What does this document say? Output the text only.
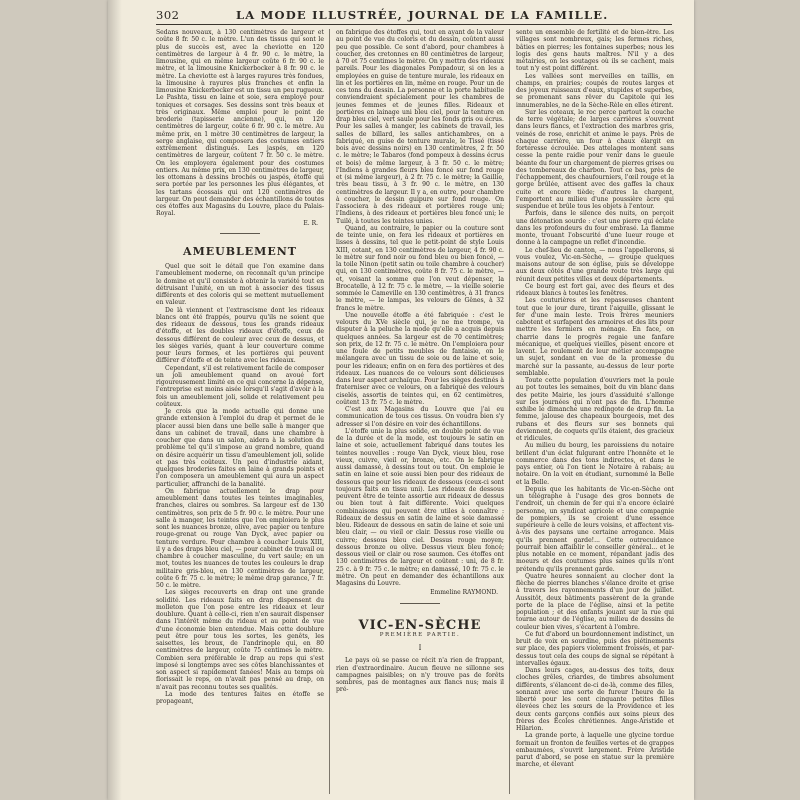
302	LA MODE ILLUSTRÉE, JOURNAL DE LA FAMILLE.

Sedans nouveaux, à 130 centimètres de largeur et coûte 8 fr. 50 c. le mètre. L'un des tissus qui sont le plus de succès est, avec la cheviotte en 120 centimètres de largeur à 4 fr. 90 c. le mètre, la limousine, qui en même largeur coûte 6 fr. 90 c. le mètre, et la limousine Knickerbocker à 8 fr. 90 c. le mètre. La cheviotte est à larges rayures très fondues, la limousine à rayures plus franches et enfin la limousine Knickerbocker est un tissu un peu rugueux. Le Pashta, tissu en laine et soie, sera employé pour toniques et corsages. Ses dessins sont très beaux et très originaux. Même emploi pour le point de broderie (tapisserie ancienne), qui, en 120 centimètres de largeur, coûte 6 fr. 90 c. le mètre. Au même prix, en 1 mètre 30 centimètres de largeur, la serge anglaise, qui composera des costumes entiers extrêmement distingués. Les jaspés, en 120 centimètres de largeur, coûtent 7 fr. 50 c. le mètre. On les employera également pour des costumes entiers. Au même prix, en 130 centimètres de largeur, les ottomans à dessins brochés ou jaspés, étoffe qui sera portée par les personnes les plus élégantes, et les tartans écossais qui ont 120 centimètres de largeur. On peut demander des échantillons de toutes ces étoffes aux Magasins du Louvre, place du Palais-Royal.

E. R.
AMEUBLEMENT

Quel que soit le détail que l'on examine dans l'ameublement moderne, on reconnaît qu'un principe le domine et qu'il consiste à obtenir la variété tout en détruisant l'unité, en un mot à associer des tissus différents et des coloris qui se mettent mutuellement en valeur.

De là viennent et l'extrascisme dont les rideaux blancs ont été frappés, pourvu qu'ils ne soient que des rideaux de dessous, tous les grands rideaux d'étoffe, et les doubles rideaux d'étoffe, ceux de dessous différent de couleur avec ceux de dessus, et les sièges variés, quant à leur couverture comme pour leurs formes, et les portières qui peuvent différer d'étoffe et de teinte avec les rideaux.

Cependant, s'il est relativement facile de composer un joli ameublement quand on avoué fort rigoureusement limité en ce qui concerne la dépense, l'entreprise est moins aisée lorsqu'il s'agit d'avoir à la fois un ameublement joli, solide et relativement peu coûteux.

Je crois que la mode actuelle qui donne une grande extension à l'emploi du drap et permet de le placer aussi bien dans une belle salle à manger que dans un cabinet de travail, dans une chambre à coucher que dans un salon, aidera à la solution du problème tel qu'il s'impose au grand nombre, quand on désire acquérir un tissu d'ameublement joli, solide et pas très coûteux. Un peu d'industrie aidant, quelques broderies faites en laine à grands points et l'on composera un ameublement qui aura un aspect particulier, affranchi de la banalité.

On fabrique actuellement le drap pour ameublement dans toutes les teintes imaginables, franches, claires ou sombres. Sa largeur est de 130 centimètres, son prix de 5 fr. 90 c. le mètre. Pour une salle à manger, les teintes que l'on emploiera le plus sont les nuances bronze, olive, avec papier ou tenture rouge-grenat ou rouge Van Dyck, avec papier ou tenture verdure. Pour chambre à coucher Louis XIII, il y a des draps bleu ciel, — pour cabinet de travail ou chambre à coucher masculine, du vert saule; en un mot, toutes les nuances de toutes les couleurs le drap militaire gris-bleu, en 130 centimètres de largeur, coûte 6 fr. 75 c. le mètre; le même drap garance, 7 fr. 50 c. le mètre.

Les sièges recouverts en drap ont une grande solidité. Les rideaux faits en drap dispensent du molleton que l'on pose entre les rideaux et leur doublure. Quant à celle-ci, rien n'en saurait dispenser dans l'intérêt même du rideau et au point de vue d'une économie bien entendue. Mais cette doublure peut être pour tous les sortes, les genêts, les saisettes, les broux, de l'andrinople qui, en 80 centimètres de largeur, coûte 75 centimes le mètre. Combien sera préférable le drap au reps qui s'est imposé si longtemps avec ses côtes blanchissantes et son aspect si rapidement fanées! Mais au temps où florissait le reps, on n'avait pas pensé au drap, on n'avait pas reconnu toutes ses qualités.

La mode des tentures faites en étoffe se propageant,

on fabrique des étoffes qui, tout en ayant de la valeur au point de vue du coloris et du dessin, coûtent aussi peu que possible. Ce sont d'abord, pour chambres à coucher, des cretonnes en 80 centimètres de largeur, à 70 et 75 centimes le mètre. On y mettra des rideaux pareils. Pour les diagonales Pompadour, si on les a employées en guise de tenture murale, les rideaux en lin et les portières en lin, même en rouge. Pour un de ces tons du dessin. La personne et la porte habituelle conviendraient spécialement pour les chambres de jeunes femmes et de jeunes filles. Rideaux et portières en lainage uni bleu ciel, pour la tenture en drap bleu ciel, vert saule pour les fonds gris ou écrus. Pour les salles à manger, les cabinets de travail, les salles de billard, les salles antichambres, on a fabriqué, en guise de tenture murale, le Tissé (tissé bois avec dessins noirs) en 130 centimètres, 2 fr. 50 c. le mètre; le Tabaros (fond pompeux à dessins écrus et bois) de même largeur, à 3 fr. 50 c. le mètre; l'Indiens à grandes fleurs bleu foncé sur fond rouge et (si même largeur), à 2 fr. 75 c. le mètre; la Gaillie, très beau tissu, à 3 fr. 90 c. le mètre, en 130 centimètres de largeur. Il y a, en outre, pour chambre à coucher, le dessin guipure sur fond rouge. On l'associera à des rideaux et portières rouge uni; l'Indiens, à des rideaux et portières bleu foncé uni; le Tuilé, à toutes les teintes unies.

Quand, au contraire, le papier ou la couture sont de teinte unie, on fera les rideaux et portières en lisses à dessins, tel que le petit-point de style Louis XIII, cotant, en 130 centimètres de largeur, 4 fr. 90 c. le mètre sur fond noir ou fond bleu ou bien foncé, — la toile Ninon (petit satin ou toile chambre à coucher) qui, en 130 centimètres, coûte 8 fr. 75 c. le mètre, — et, voisant la somme que l'on veut dépenser, la Brocatelle, à 12 fr. 75 c. le mètre, — la vieille soierie sommée le Cameville en 130 centimètres, à 31 francs le mètre, — le lampas, les velours de Gênes, à 32 francs le mètre.

Une nouvelle étoffe a été fabriquée : c'est le velours du XVe siècle qui, je ne me trompe, va disputer à la peluche la mode qu'elle a acquis depuis quelques années. Sa largeur est de 70 centimètres; son prix, de 12 fr. 75 c. le mètre. On l'emploiera pour une foule de petits meubles de fantaisie, on le mélangera avec un tissu de soie ou de laine et soie, pour les rideaux; enfin on en fera des portières et des rideaux. Les nuances de ce velours sont délicieuses dans leur aspect archaïque. Pour les sièges destinés à fraterniser avec ce velours, on a fabriqué des velours ciselés, assortis de teintes qui, en 62 centimètres, coûtent 13 fr. 75 c. le mètre.

C'est aux Magasins du Louvre que j'ai eu communication de tous ces tissus. On voudra bien s'y adresser si l'on désire en voir des échantillons.

L'étoffe unie la plus solide, en double point de vue de la durée et de la mode, est toujours le satin en laine et soie, actuellement fabriqué dans toutes les teintes nouvelles : rouge Van Dyck, vieux bleu, rose vieux, cuivre, vieil or, bronze, etc. On le fabrique aussi damassé, à dessins tout ou tout. On emploie le satin en laine et soie aussi bien pour des rideaux de dessous que pour les rideaux de dessous (ceux-ci sont toujours faits en tissu uni). Les rideaux de dessous peuvent être de teinte assortie aux rideaux de dessus ou bien tout à fait différente. Voici quelques combinaisons qui peuvent être utiles à connaître : Rideaux de dessus en satin de laine et soie damassé bleu. Rideaux de dessous en satin de laine et soie uni bleu clair, — ou vieil or clair. Dessus rose vieille ou cuivre; dessous bleu ciel. Dessus rouge moyen; dessous bronze ou olive. Dessus vieux bleu foncé; dessous vieil or clair ou rose saumon. Ces étoffes ont 130 centimètres de largeur et coûtent : uni, de 8 fr. 25 c. à 9 fr. 75 c. le mètre; en damassé, 10 fr. 75 c. le mètre. On peut en demander des échantillons aux Magasins du Louvre.

Emmeline RAYMOND.
VIC-EN-SÈCHE
PREMIÈRE PARTIE.
I

Le pays où se passe ce récit n'a rien de frappant, rien d'extraordinaire. Aucun fleuve ne sillonne ses campagnes paisibles; on n'y trouve pas de forêts sombres, pas de montagnes aux flancs nus; mais il pré-

sente un ensemble de fertilité et de bien-être. Les villages sont nombreux, gais; les fermes riches, bâties en pierres; les fontaines superbes; nous les logis des gens hauts maîtres. N'il y a des métairies, on les soutages où ils se cachent, mais tout n'y est point différent.

Les vallées sont merveilles en taillis, en champs, en prairies; coupés de routes larges et des joyeux ruisseaux d'eaux, stupides et superbes, se promenant sans rêver du Capitole qui les innumerables, ne de la Sèche-Rèle en elles étirent.

Sur les coteaux, le roc perce partout la couche de terre végétale; de larges carrières s'ouvrent dans leurs flancs, et l'extraction des marbres gris, veinés de rose, enrichit et anime le pays. Près de chaque carrière, un four à chaux élargit en forteresse écroulée. Des attelages montent sans cesse la pente raidie pour venir dans le gueule béante du four un chargement de pierres grises ou des tombereaux de charbon. Tout ce bas, près de l'échappement, des chaufourniers, l'œil rouge et la gorge brûlée, attisent avec des gaffes la chaux cuite et encore tiède; d'autres la chargent, l'emportent au milieu d'une poussière âcre qui suspendue et brûle tous les objets à l'entour.

Parfois, dans le silence des nuits, on perçoit une détonation sourde : c'est une pierre qui éclate dans les profondeurs du four embrasé. La flamme monte, trouant l'obscurité d'une lueur rouge et donne à la campagne un reflet d'incendie.

Le chef-lieu de canton, — nous l'appellerons, si vous voulez, Vic-en-Sèche, — groupe quelques maisons autour de son église, puis se développe aux deux côtés d'une grande route très large qui réunit deux petites villes et deux départements.

Ce bourg est fort gai, avec des fleurs et des rideaux blancs à toutes les fenêtres.

Les couturières et les repasseuses chantent tout que le jour dure, tirant l'aiguille, glissant le fer d'une main leste. Trois frères meuniers cabotent et surfapent des armoires et des lits pour mettre les fermiers en ménage. En face, on charrie dans le progrès regaie une fanfare mécanique, et quelques vieilles, pèsent encore et lavent. Le roulement de leur métier accompagne un sujet, sondant en vue de la promesse du marché sur la passante, au-dessus de leur porte semblable.

Toute cette population d'ouvriers met la poule au pot toutes les semaines, boit du vin blanc dans des petite Mairie, les jours d'assiduité s'allonge sur les journées qui n'ont pas de fin. L'homme exhibe le dimanche une redingote de drap fin. La femme, jalouse des chapeaux bourgeois, met des rubans et des fleurs sur ses bonnets qui deviennent, de coquets qu'ils étaient, des gracieux et ridicules.

Au milieu du bourg, les paroissiens du notaire brillent d'un éclat fulgurant entre l'honnête et le commerce dans des tons indirectes, et dans le pays entier, où l'on tient le Notaire à rabais; au notaire. On la voit en étudiant, surnommé la Belle et la Belle.

Depuis que les habitants de Vic-en-Sèche ont un télégraphe à l'usage des gros bonnets de l'endroit, un chemin de fer qui n'a encore éclairé personne, un syndicat agricole et une compagnie de pompiers, ils se croient d'une essence supérieure à celle de leurs voisins, et affectent vis-à-vis des paysans une certaine arrogance. Mais qu'ils prennent garde!... Cette outrecuidance pourrait bien affaiblir le conseiller général... et le plus notable en ce moment, répandant jadis des moeurs et des coutumes plus saines qu'ils n'ont prétendu qu'ils prennent garde.

Quatre heures sonnaient au clocher dont la flèche de pierres blanches s'élance droite et grise à travers les rayonnements d'un jour de juillet. Aussitôt, deux bâtiments passèrent de la grande porte de la place de l'église, ainsi et la petite population ; et des enfants jouant sur la rue qui tourne autour de l'église, au milieu de dessins de couleur bien vives, s'écartent à l'ombre.

Ce fut d'abord un bourdonnement indistinct, un bruit de voix en sourdine, puis des piétinements sur place, des papiers violemment froissés, et par-dessus tout cela des coups de signal se répétant à intervalles égaux.

Dans leurs cages, au-dessus des toits, deux cloches grêles, criardes, de timbres absolument différents, s'élancent de-ci de-là, comme des filles, sonnant avec une sorte de fureur l'heure de la liberté pour les cent cinquante petites filles élevées chez les sœurs de la Providence et les deux cents garçons confiés aux soins pieux des frères des Écoles chrétiennes. Ange-Aristide et Hilarion.

La grande porte, à laquelle une glycine tordue formait un fronton de feuilles vertes et de grappes embaumées, s'ouvrit largement. Frère Aristide parut d'abord, se pose en statue sur la première marche, et élevant
